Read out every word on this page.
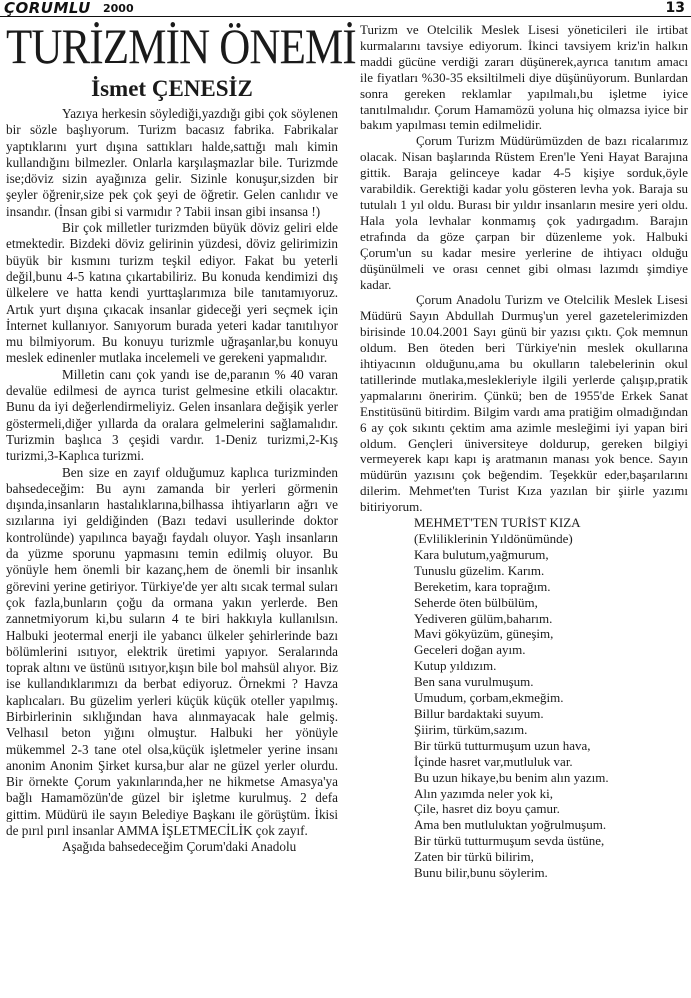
ÇORUMLU 2000	13
TURİZMİN ÖNEMİ
İsmet ÇENESİZ

Yazıya herkesin söylediği,yazdığı gibi çok söylenen bir sözle başlıyorum. Turizm bacasız fabrika. Fabrikalar yaptıklarını yurt dışına sattıkları halde,sattığı malı kimin kullandığını bilmezler. Onlarla karşılaşmazlar bile. Turizmde ise;döviz sizin ayağınıza gelir. Sizinle konuşur,sizden bir şeyler öğrenir,size pek çok şeyi de öğretir. Gelen canlıdır ve insandır. (İnsan gibi si varmıdır ? Tabii insan gibi insansa !)

Bir çok milletler turizmden büyük döviz geliri elde etmektedir. Bizdeki döviz gelirinin yüzdesi, döviz gelirimizin büyük bir kısmını turizm teşkil ediyor. Fakat bu yeterli değil,bunu 4-5 katına çıkartabiliriz. Bu konuda kendimizi dış ülkelere ve hatta kendi yurttaşlarımıza bile tanıtamıyoruz. Artık yurt dışına çıkacak insanlar gideceği yeri seçmek için İnternet kullanıyor. Sanıyorum burada yeteri kadar tanıtılıyor mu bilmiyorum. Bu konuyu turizmle uğraşanlar,bu konuyu meslek edinenler mutlaka incelemeli ve gerekeni yapmalıdır.

Milletin canı çok yandı ise de,paranın % 40 varan devalüe edilmesi de ayrıca turist gelmesine etkili olacaktır. Bunu da iyi değerlendirmeliyiz. Gelen insanlara değişik yerler göstermeli,diğer yıllarda da oralara gelmelerini sağlamalıdır. Turizmin başlıca 3 çeşidi vardır. 1-Deniz turizmi,2-Kış turizmi,3-Kaplıca turizmi.

Ben size en zayıf olduğumuz kaplıca turizminden bahsedeceğim: Bu aynı zamanda bir yerleri görmenin dışında,insanların hastalıklarına,bilhassa ihtiyarların ağrı ve sızılarına iyi geldiğinden (Bazı tedavi usullerinde doktor kontrolünde) yapılınca bayağı faydalı oluyor. Yaşlı insanların da yüzme sporunu yapmasını temin edilmiş oluyor. Bu yönüyle hem önemli bir kazanç,hem de önemli bir insanlık görevini yerine getiriyor. Türkiye'de yer altı sıcak termal suları çok fazla,bunların çoğu da ormana yakın yerlerde. Ben zannetmiyorum ki,bu suların 4 te biri hakkıyla kullanılsın. Halbuki jeotermal enerji ile yabancı ülkeler şehirlerinde bazı bölümlerini ısıtıyor, elektrik üretimi yapıyor. Seralarında toprak altını ve üstünü ısıtıyor,kışın bile bol mahsül alıyor. Biz ise kullandıklarımızı da berbat ediyoruz. Örnekmi ? Havza kaplıcaları. Bu güzelim yerleri küçük küçük oteller yapılmış. Birbirlerinin sıklığından hava alınmayacak hale gelmiş. Velhasıl beton yığını olmuştur. Halbuki her yönüyle mükemmel 2-3 tane otel olsa,küçük işletmeler yerine insanı anonim Anonim Şirket kursa,bur alar ne güzel yerler olurdu. Bir örnekte Çorum yakınlarında,her ne hikmetse Amasya'ya bağlı Hamamözün'de güzel bir işletme kurulmuş. 2 defa gittim. Müdürü ile sayın Belediye Başkanı ile görüştüm. İkisi de pırıl pırıl insanlar AMMA İŞLETMECİLİK çok zayıf.

Aşağıda bahsedeceğim Çorum'daki Anadolu

Turizm ve Otelcilik Meslek Lisesi yöneticileri ile irtibat kurmalarını tavsiye ediyorum. İkinci tavsiyem kriz'in halkın maddi gücüne verdiği zararı düşünerek,ayrıca tanıtım amacı ile fiyatları %30-35 eksiltilmeli diye düşünüyorum. Bunlardan sonra gereken reklamlar yapılmalı,bu işletme iyice tanıtılmalıdır. Çorum Hamamözü yoluna hiç olmazsa iyice bir bakım yapılması temin edilmelidir.

Çorum Turizm Müdürümüzden de bazı ricalarımız olacak. Nisan başlarında Rüstem Eren'le Yeni Hayat Barajına gittik. Baraja gelinceye kadar 4-5 kişiye sorduk,öyle varabildik. Gerektiği kadar yolu gösteren levha yok. Baraja su tutulalı 1 yıl oldu. Burası bir yıldır insanların mesire yeri oldu. Hala yola levhalar konmamış çok yadırgadım. Barajın etrafında da göze çarpan bir düzenleme yok. Halbuki Çorum'un su kadar mesire yerlerine de ihtiyacı olduğu düşünülmeli ve orası cennet gibi olması lazımdı şimdiye kadar.

Çorum Anadolu Turizm ve Otelcilik Meslek Lisesi Müdürü Sayın Abdullah Durmuş'un yerel gazetelerimizden birisinde 10.04.2001 Sayı günü bir yazısı çıktı. Çok memnun oldum. Ben öteden beri Türkiye'nin meslek okullarına ihtiyacının olduğunu,ama bu okulların talebelerinin okul tatillerinde mutlaka,meslekleriyle ilgili yerlerde çalışıp,pratik yapmalarını öneririm. Çünkü; ben de 1955'de Erkek Sanat Enstitüsünü bitirdim. Bilgim vardı ama pratiğim olmadığından 6 ay çok sıkıntı çektim ama azimle mesleğimi iyi yapan biri oldum. Gençleri üniversiteye doldurup, gereken bilgiyi vermeyerek kapı kapı iş aratmanın manası yok bence. Sayın müdürün yazısını çok beğendim. Teşekkür eder,başarılarını dilerim. Mehmet'ten Turist Kıza yazılan bir şiirle yazımı bitiriyorum.

MEHMET'TEN TURİST KIZA
(Evliliklerinin Yıldönümünde)
Kara bulutum,yağmurum,
Tunuslu güzelim. Karım.
Bereketim, kara toprağım.
Seherde öten bülbülüm,
Yediveren gülüm,baharım.
Mavi gökyüzüm, güneşim,
Geceleri doğan ayım.
Kutup yıldızım.
Ben sana vurulmuşum.
Umudum, çorbam,ekmeğim.
Billur bardaktaki suyum.
Şiirim, türküm,sazım.
Bir türkü tutturmuşum uzun hava,
İçinde hasret var,mutluluk var.
Bu uzun hikaye,bu benim alın yazım.
Alın yazımda neler yok ki,
Çile, hasret diz boyu çamur.
Ama ben mutluluktan yoğrulmuşum.
Bir türkü tutturmuşum sevda üstüne,
Zaten bir türkü bilirim,
Bunu bilir,bunu söylerim.
